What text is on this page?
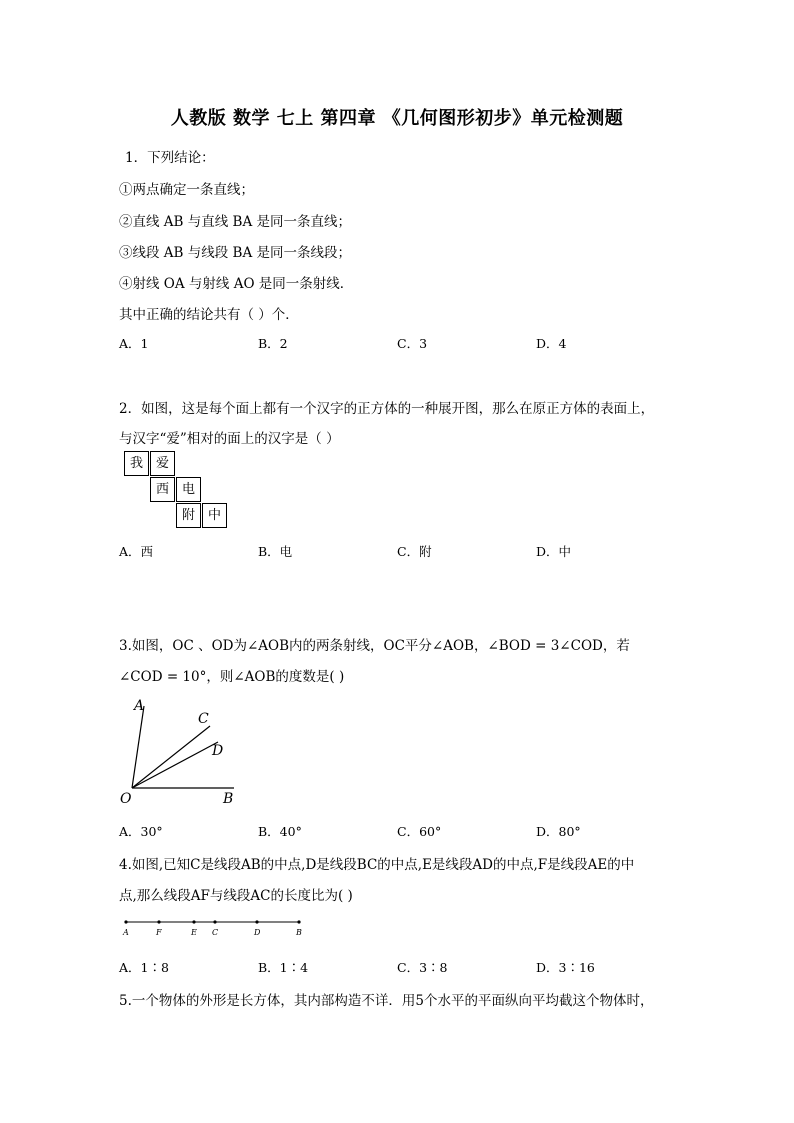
人教版 数学 七上 第四章 《几何图形初步》单元检测题
1．下列结论：
①两点确定一条直线；
②直线 AB 与直线 BA 是同一条直线；
③线段 AB 与线段 BA 是同一条线段；
④射线 OA 与射线 AO 是同一条射线．
其中正确的结论共有（ ）个．
A．1	B．2	C．3	D．4
2．如图，这是每个面上都有一个汉字的正方体的一种展开图，那么在原正方体的表面上，
与汉字“爱”相对的面上的汉字是（ ）
我 爱
西 电
附 中
A．西	B．电	C．附	D．中
3.如图，OC 、OD为∠AOB内的两条射线，OC平分∠AOB，∠BOD = 3∠COD，若
∠COD = 10°，则∠AOB的度数是( )
A
C
D
O	B
A．30°	B．40°	C．60°	D．80°
4.如图,已知C是线段AB的中点,D是线段BC的中点,E是线段AD的中点,F是线段AE的中
点,那么线段AF与线段AC的长度比为( )
A	F	E C	D	B
A．1∶8	B．1∶4	C．3∶8	D．3∶16
5.一个物体的外形是长方体，其内部构造不详．用5个水平的平面纵向平均截这个物体时，
